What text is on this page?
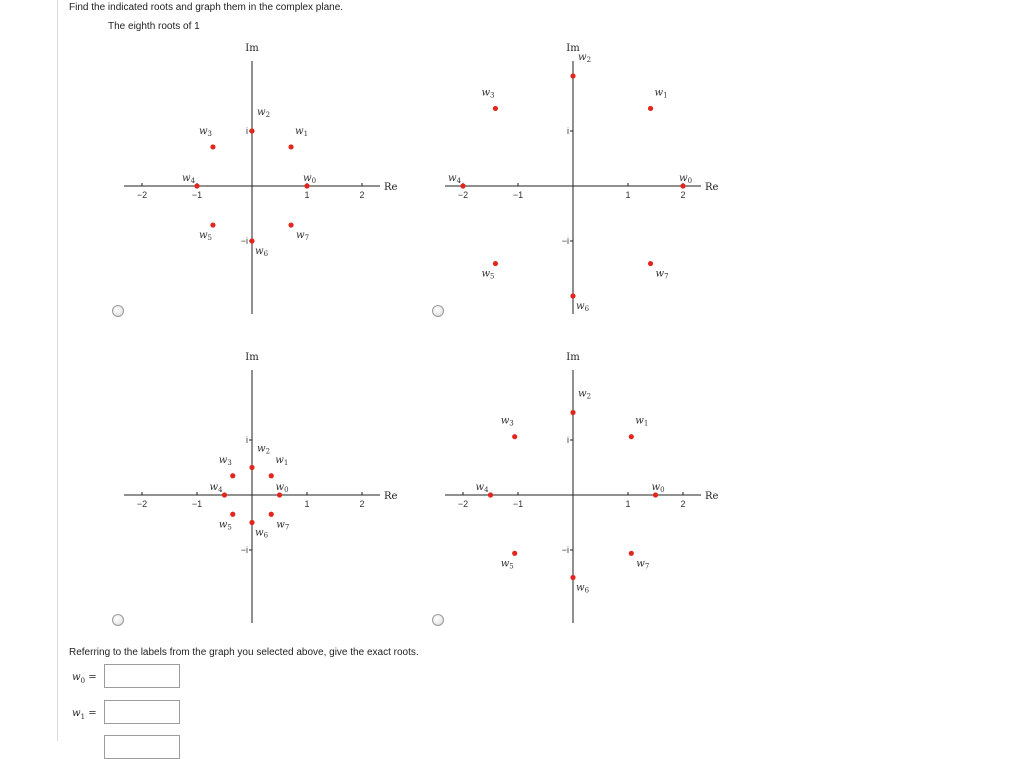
Find the indicated roots and graph them in the complex plane.
The eighth roots of 1
−2	−1	1	2
i
−i
Re
Im
$w_0$
$w_1$
$w_2$
$w_3$
$w_4$
$w_5$
$w_6$
$w_7$
−2	−1	1	2
i
−i
Re
Im
$w_0$
$w_1$
$w_2$
$w_3$
$w_4$
$w_5$
$w_6$
$w_7$
−2	−1	1	2
i
−i
Re
Im
$w_0$
$w_1$
$w_2$
$w_3$
$w_4$
$w_5$
$w_6$
$w_7$
−2	−1	1	2
i
−i
Re
Im
$w_0$
$w_1$
$w_2$
$w_3$
$w_4$
$w_5$
$w_6$
$w_7$
Referring to the labels from the graph you selected above, give the exact roots.
$w_0$ =
$w_1$ =
